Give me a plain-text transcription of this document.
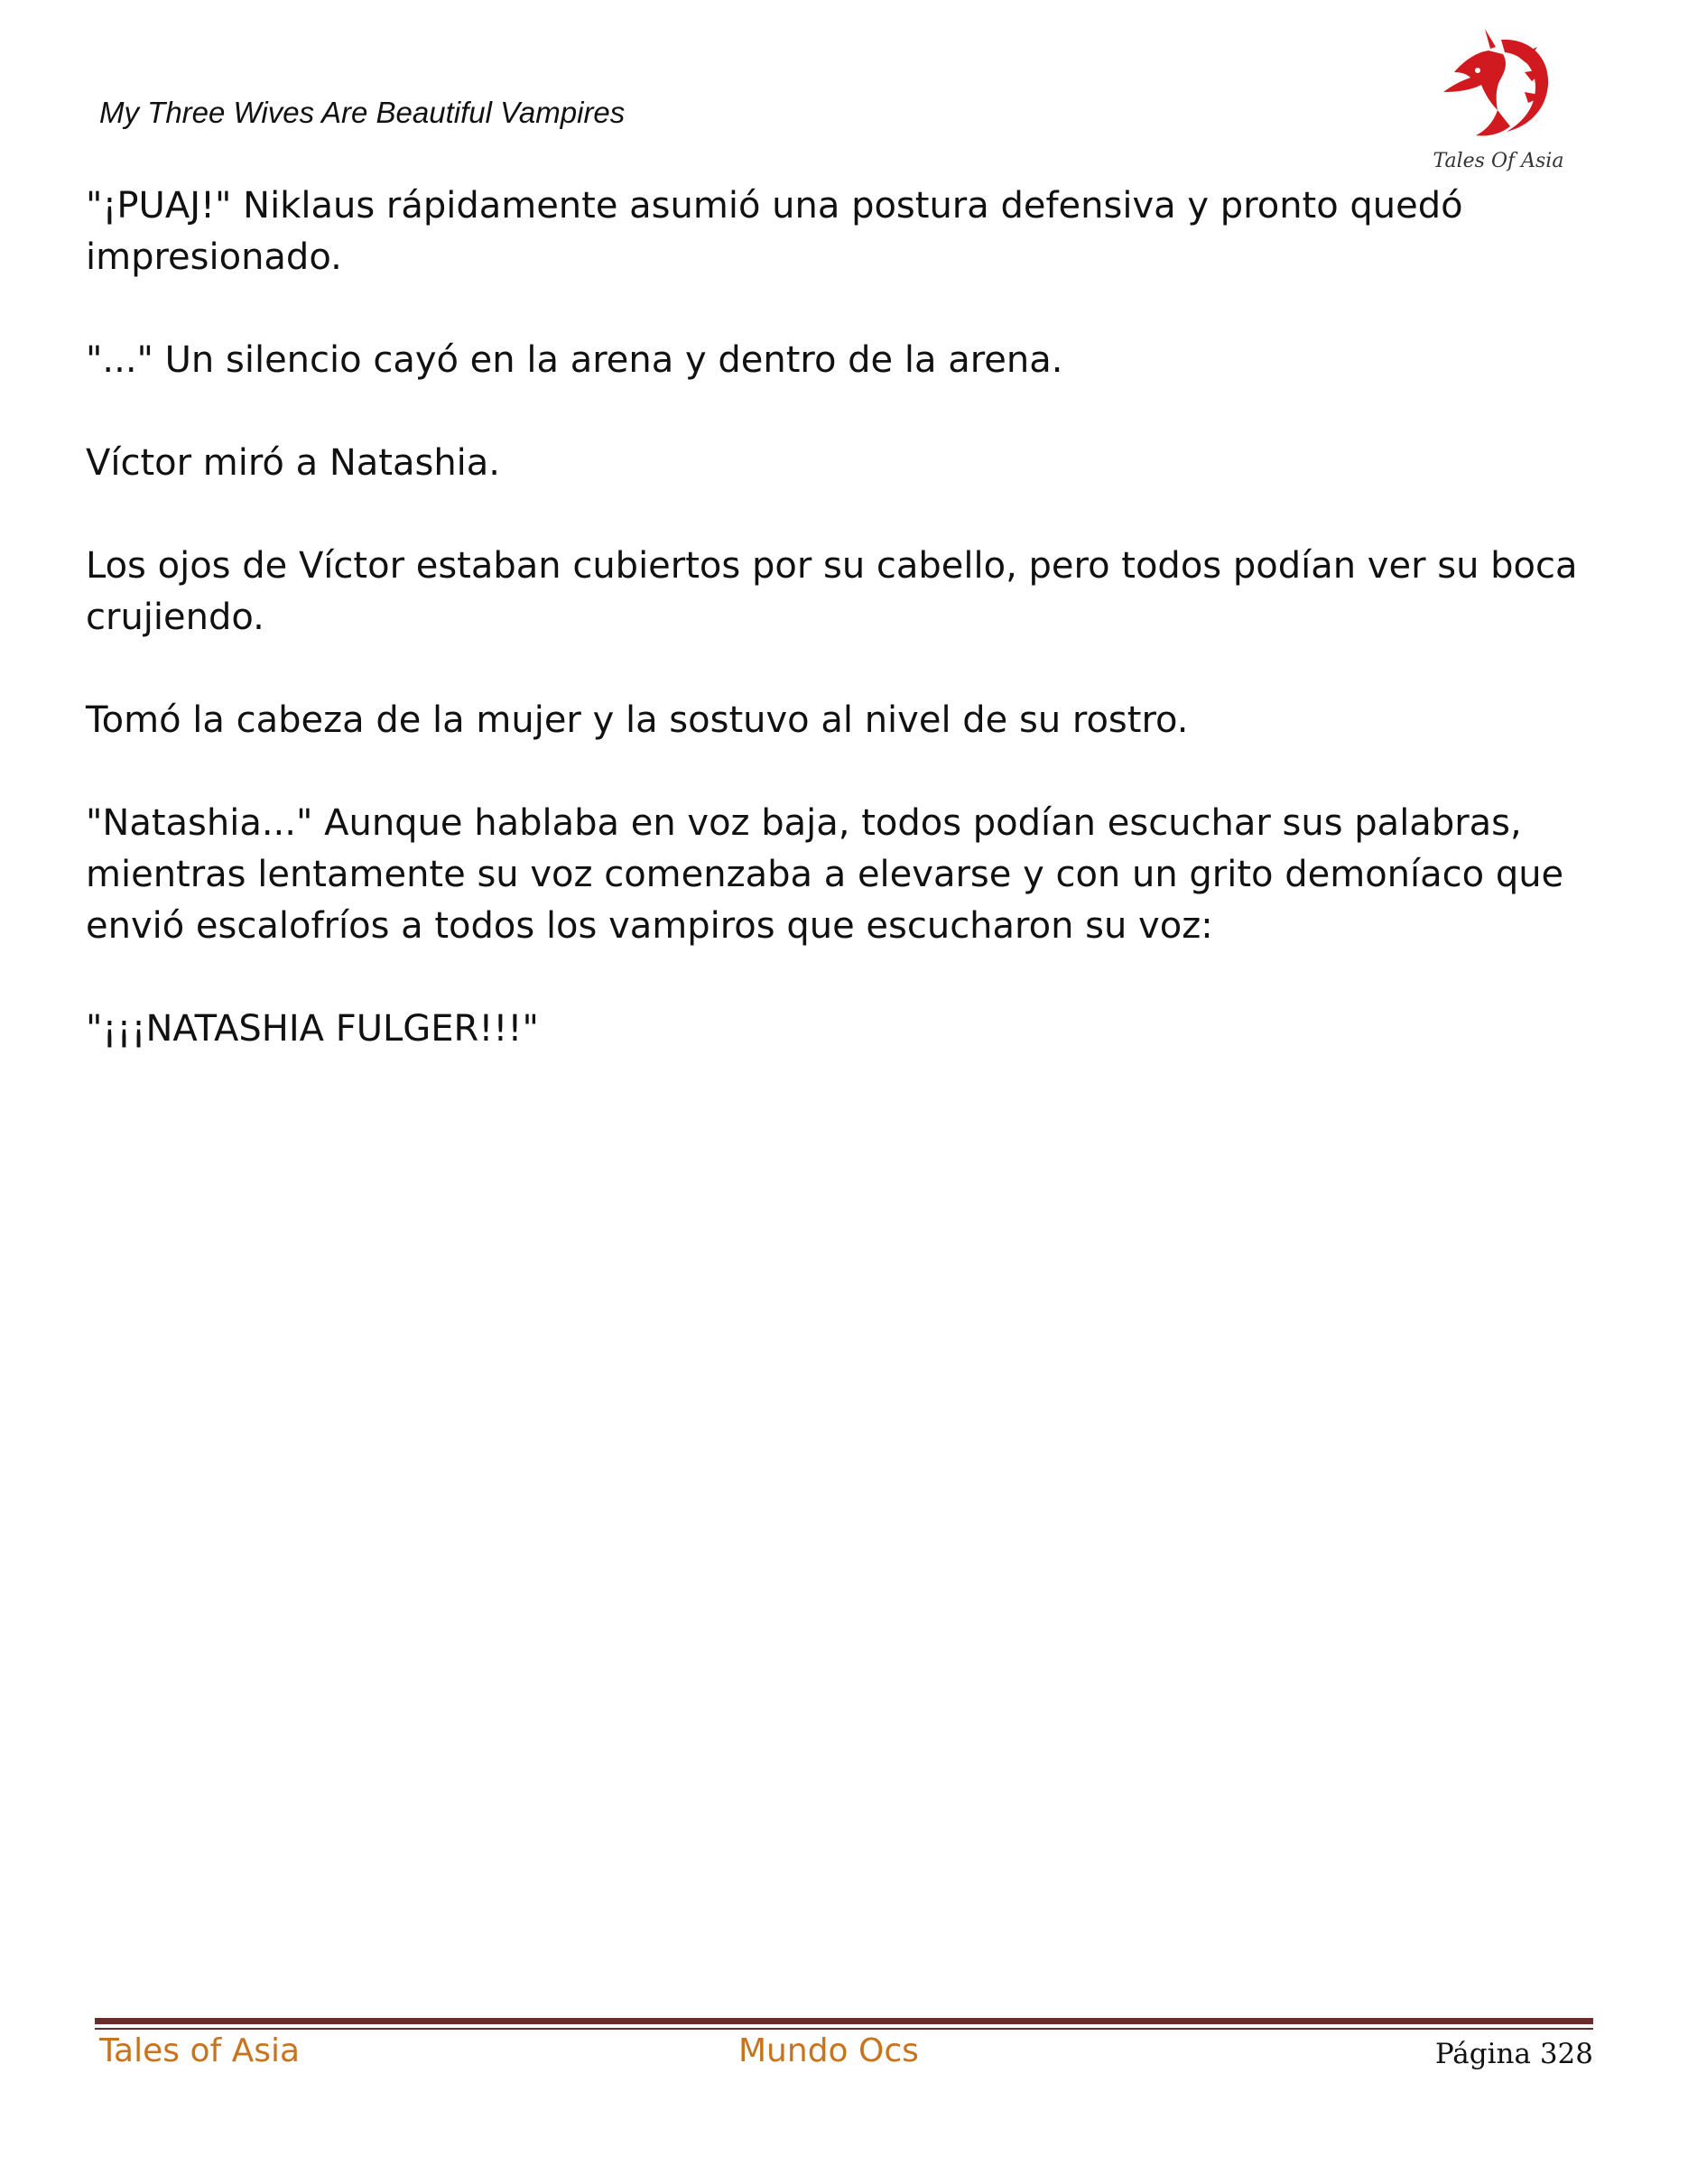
My Three Wives Are Beautiful Vampires
Tales Of Asia

"¡PUAJ!" Niklaus rápidamente asumió una postura defensiva y pronto quedó impresionado.

"..." Un silencio cayó en la arena y dentro de la arena.

Víctor miró a Natashia.

Los ojos de Víctor estaban cubiertos por su cabello, pero todos podían ver su boca crujiendo.

Tomó la cabeza de la mujer y la sostuvo al nivel de su rostro.

"Natashia..." Aunque hablaba en voz baja, todos podían escuchar sus palabras, mientras lentamente su voz comenzaba a elevarse y con un grito demoníaco que envió escalofríos a todos los vampiros que escucharon su voz:

"¡¡¡NATASHIA FULGER!!!"

Tales of Asia	Mundo Ocs	Página 328
